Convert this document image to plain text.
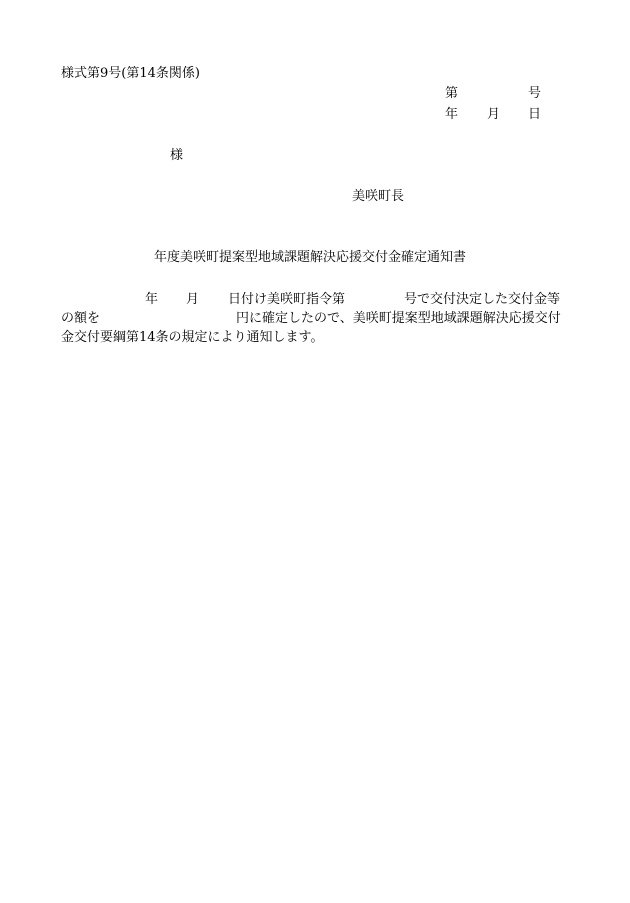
様式第9号(第14条関係)
第	号
年 月 日
様
美咲町長
年度美咲町提案型地域課題解決応援交付金確定通知書
年 月 日付け美咲町指令第	号で交付決定した交付金等
の額を	円に確定したので、美咲町提案型地域課題解決応援交付
金交付要綱第14条の規定により通知します。
